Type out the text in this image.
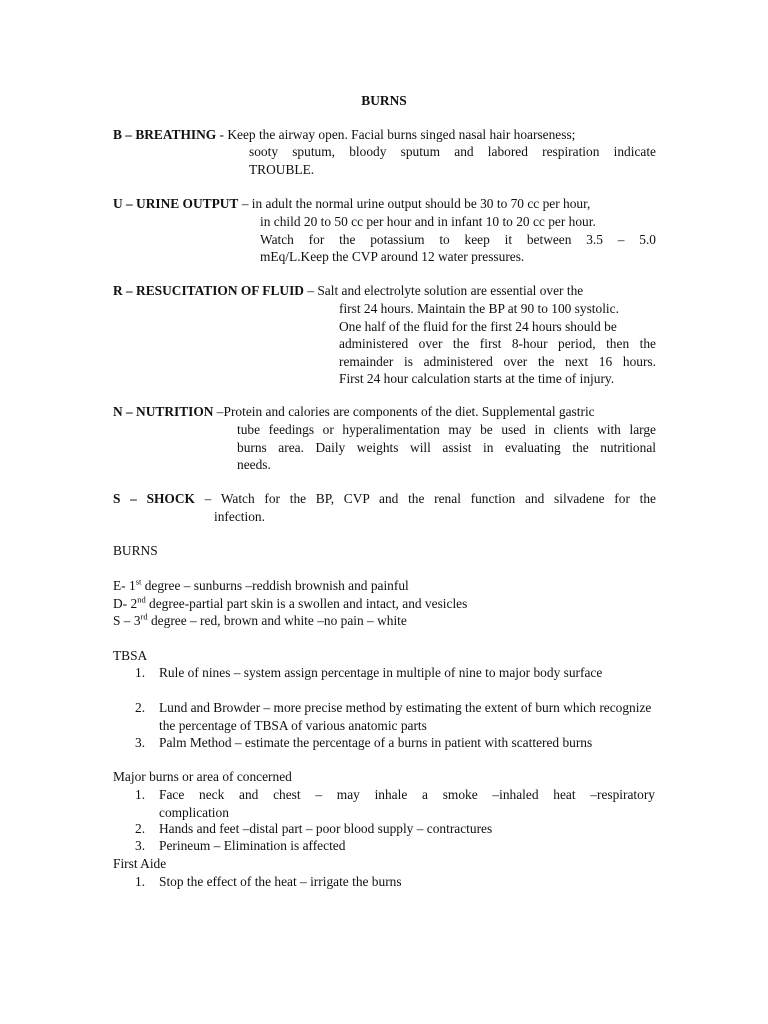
BURNS
B – BREATHING - Keep the airway open. Facial burns singed nasal hair hoarseness;
sooty sputum, bloody sputum and labored respiration indicate
TROUBLE.
U – URINE OUTPUT – in adult the normal urine output should be 30 to 70 cc per hour,
in child 20 to 50 cc per hour and in infant 10 to 20 cc per hour.
Watch for the potassium to keep it between 3.5 – 5.0
mEq/L.Keep the CVP around 12 water pressures.
R – RESUCITATION OF FLUID – Salt and electrolyte solution are essential over the
first 24 hours. Maintain the BP at 90 to 100 systolic.
One half of the fluid for the first 24 hours should be
administered over the first 8-hour period, then the
remainder is administered over the next 16 hours.
First 24 hour calculation starts at the time of injury.
N – NUTRITION –Protein and calories are components of the diet. Supplemental gastric
tube feedings or hyperalimentation may be used in clients with large
burns area. Daily weights will assist in evaluating the nutritional
needs.
S – SHOCK – Watch for the BP, CVP and the renal function and silvadene for the
infection.
BURNS
E- 1st degree – sunburns –reddish brownish and painful
D- 2nd degree-partial part skin is a swollen and intact, and vesicles
S – 3rd degree – red, brown and white –no pain – white
TBSA
1. Rule of nines – system assign percentage in multiple of nine to major body surface
2. Lund and Browder – more precise method by estimating the extent of burn which recognize the percentage of TBSA of various anatomic parts
3. Palm Method – estimate the percentage of a burns in patient with scattered burns
Major burns or area of concerned
1. Face neck and chest – may inhale a smoke –inhaled heat –respiratory
complication
2. Hands and feet –distal part – poor blood supply – contractures
3. Perineum – Elimination is affected
First Aide
1. Stop the effect of the heat – irrigate the burns
